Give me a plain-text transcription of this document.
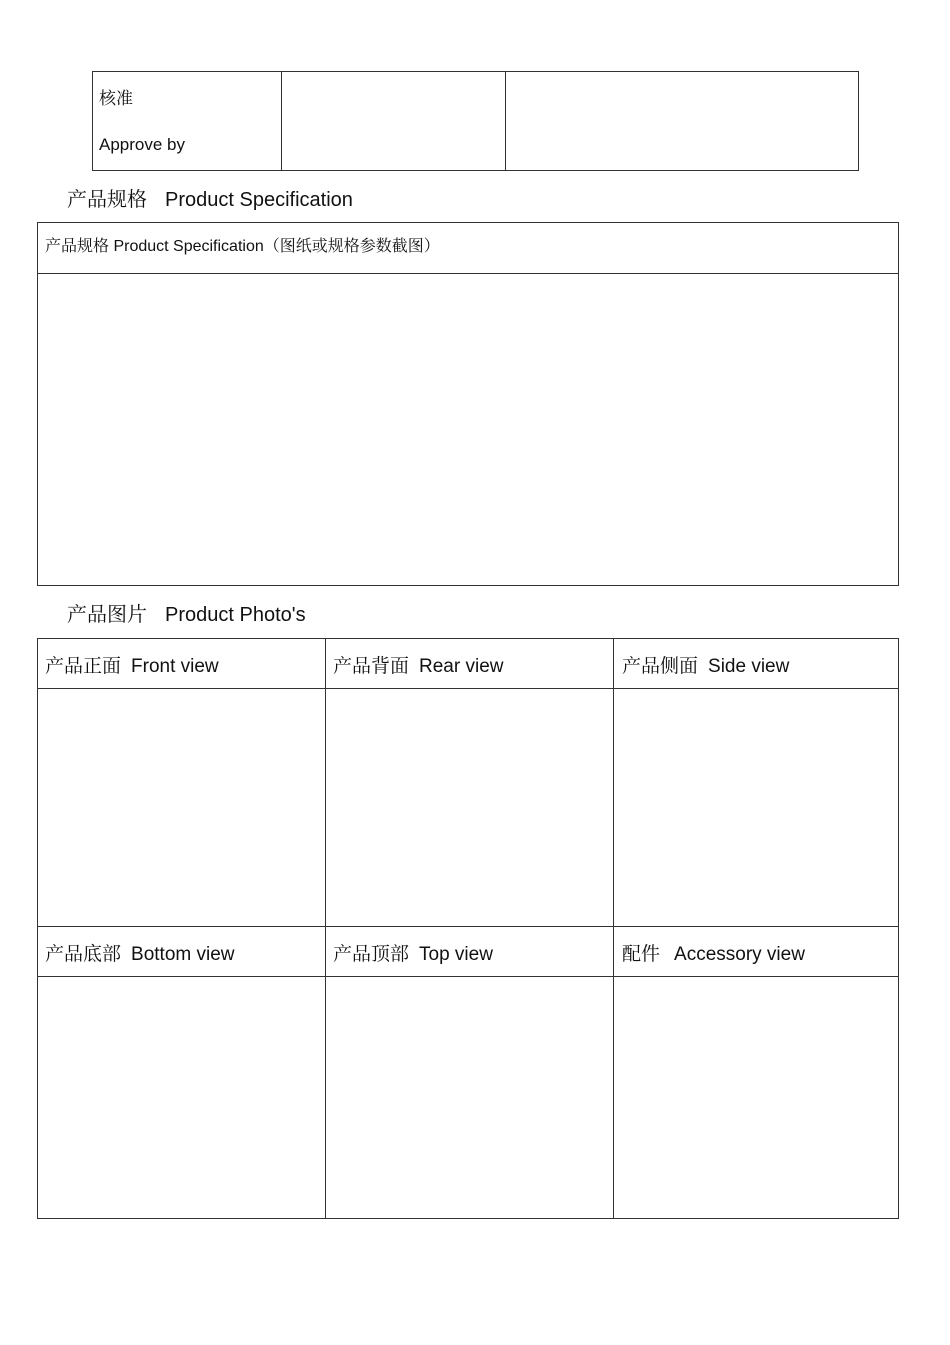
核准
Approve by
产品规格 Product Specification
产品规格 Product Specification（图纸或规格参数截图）
产品图片 Product Photo's
产品正面 Front view	产品背面 Rear view	产品侧面 Side view
产品底部 Bottom view	产品顶部 Top view	配件 Accessory view
